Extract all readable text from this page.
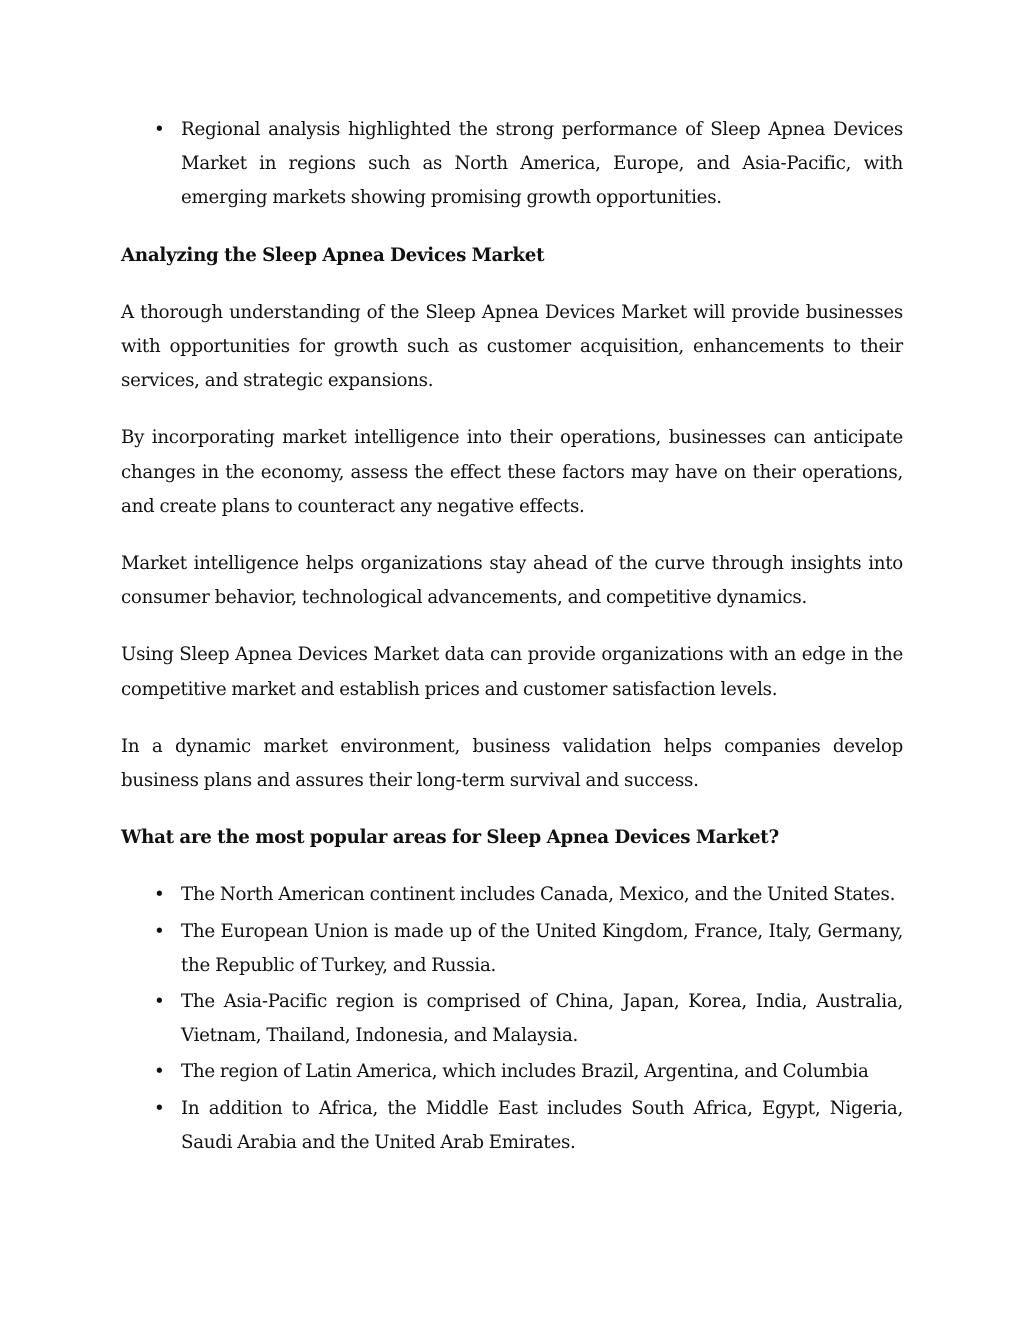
• Regional analysis highlighted the strong performance of Sleep Apnea Devices Market in regions such as North America, Europe, and Asia-Pacific, with emerging markets showing promising growth opportunities.
Analyzing the Sleep Apnea Devices Market

A thorough understanding of the Sleep Apnea Devices Market will provide businesses with opportunities for growth such as customer acquisition, enhancements to their services, and strategic expansions.

By incorporating market intelligence into their operations, businesses can anticipate changes in the economy, assess the effect these factors may have on their operations, and create plans to counteract any negative effects.

Market intelligence helps organizations stay ahead of the curve through insights into consumer behavior, technological advancements, and competitive dynamics.

Using Sleep Apnea Devices Market data can provide organizations with an edge in the competitive market and establish prices and customer satisfaction levels.

In a dynamic market environment, business validation helps companies develop business plans and assures their long-term survival and success.

What are the most popular areas for Sleep Apnea Devices Market?
• The North American continent includes Canada, Mexico, and the United States.
• The European Union is made up of the United Kingdom, France, Italy, Germany, the Republic of Turkey, and Russia.
• The Asia-Pacific region is comprised of China, Japan, Korea, India, Australia, Vietnam, Thailand, Indonesia, and Malaysia.
• The region of Latin America, which includes Brazil, Argentina, and Columbia
• In addition to Africa, the Middle East includes South Africa, Egypt, Nigeria, Saudi Arabia and the United Arab Emirates.
